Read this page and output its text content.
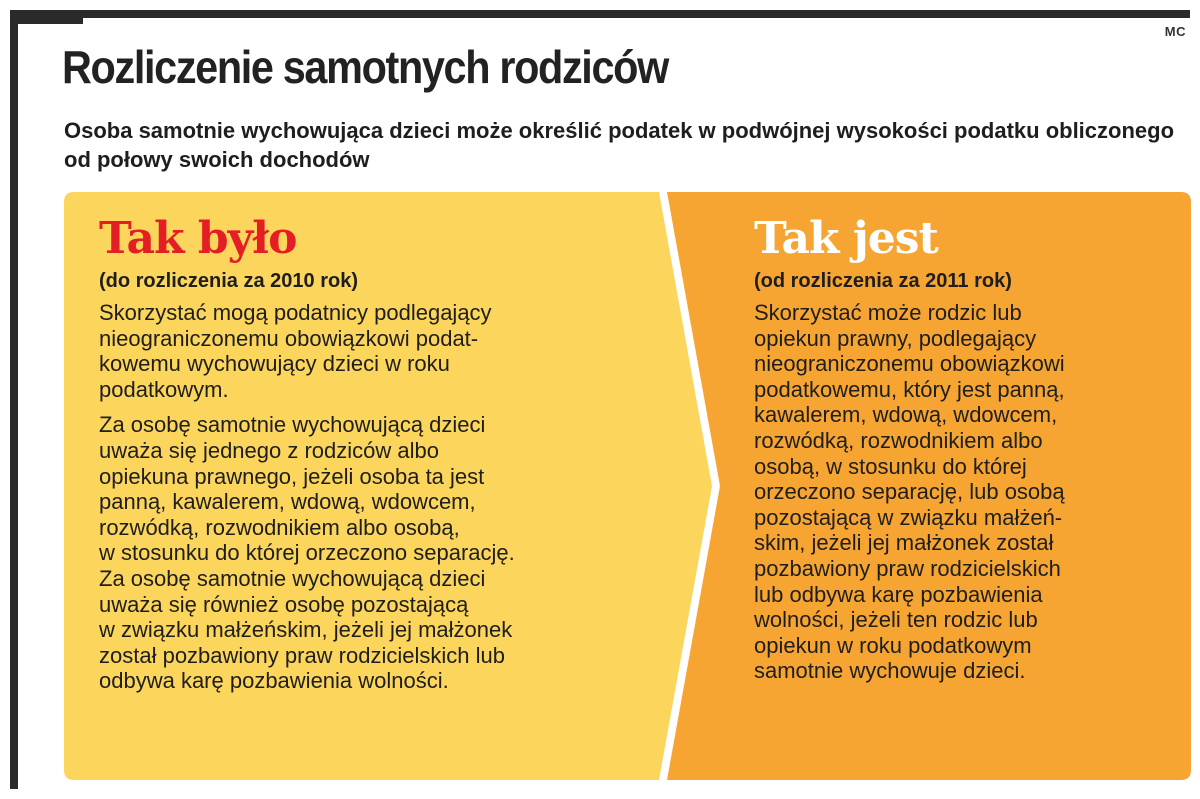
MC
Rozliczenie samotnych rodziców

Osoba samotnie wychowująca dzieci może określić podatek w podwójnej wysokości podatku obliczonego od połowy swoich dochodów

Tak było
(do rozliczenia za 2010 rok)

Skorzystać mogą podatnicy podlegający
nieograniczonemu obowiązkowi podat-
kowemu wychowujący dzieci w roku
podatkowym.

Za osobę samotnie wychowującą dzieci
uważa się jednego z rodziców albo
opiekuna prawnego, jeżeli osoba ta jest
panną, kawalerem, wdową, wdowcem,
rozwódką, rozwodnikiem albo osobą,
w stosunku do której orzeczono separację.
Za osobę samotnie wychowującą dzieci
uważa się również osobę pozostającą
w związku małżeńskim, jeżeli jej małżonek
został pozbawiony praw rodzicielskich lub
odbywa karę pozbawienia wolności.

Tak jest
(od rozliczenia za 2011 rok)

Skorzystać może rodzic lub
opiekun prawny, podlegający
nieograniczonemu obowiązkowi
podatkowemu, który jest panną,
kawalerem, wdową, wdowcem,
rozwódką, rozwodnikiem albo
osobą, w stosunku do której
orzeczono separację, lub osobą
pozostającą w związku małżeń-
skim, jeżeli jej małżonek został
pozbawiony praw rodzicielskich
lub odbywa karę pozbawienia
wolności, jeżeli ten rodzic lub
opiekun w roku podatkowym
samotnie wychowuje dzieci.
